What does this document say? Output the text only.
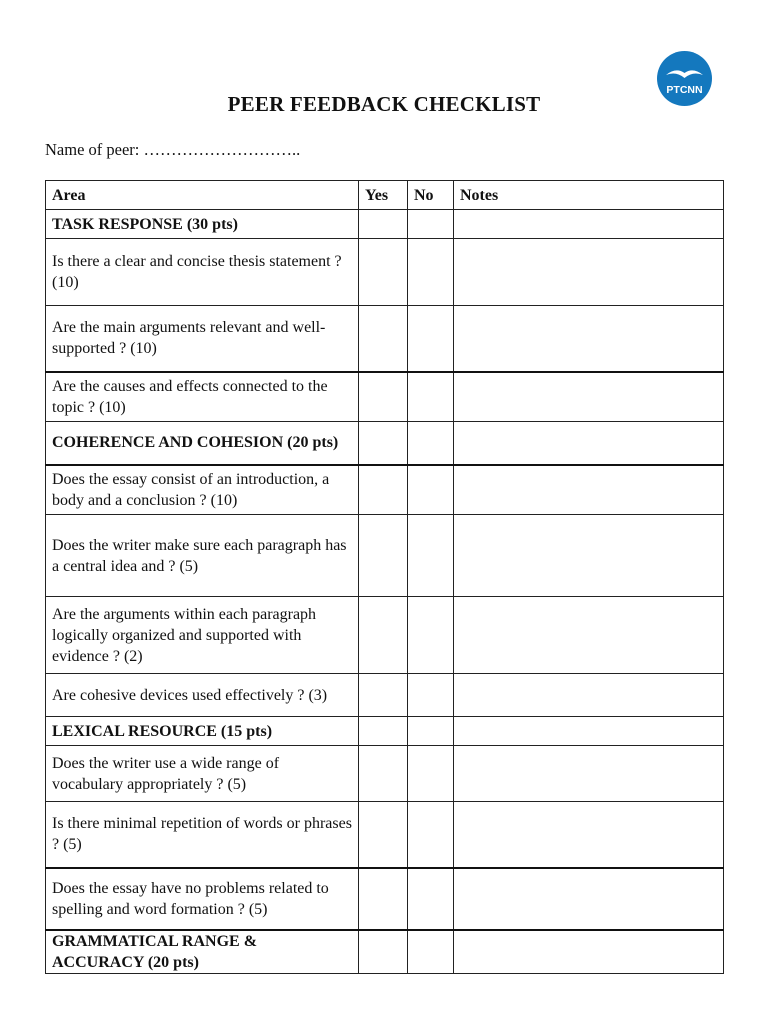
PTCNN
PEER FEEDBACK CHECKLIST
Name of peer: ………………………..
Area	Yes	No	Notes
TASK RESPONSE (30 pts)			
Is there a clear and concise thesis statement ? (10)			
Are the main arguments relevant and well-supported ? (10)			
Are the causes and effects connected to the topic ? (10)			
COHERENCE AND COHESION (20 pts)			
Does the essay consist of an introduction, a body and a conclusion ? (10)			
Does the writer make sure each paragraph has a central idea and ? (5)			
Are the arguments within each paragraph logically organized and supported with evidence ? (2)			
Are cohesive devices used effectively ? (3)			
LEXICAL RESOURCE (15 pts)			
Does the writer use a wide range of vocabulary appropriately ? (5)			
Is there minimal repetition of words or phrases ? (5)			
Does the essay have no problems related to spelling and word formation ? (5)			
GRAMMATICAL RANGE & ACCURACY (20 pts)			
